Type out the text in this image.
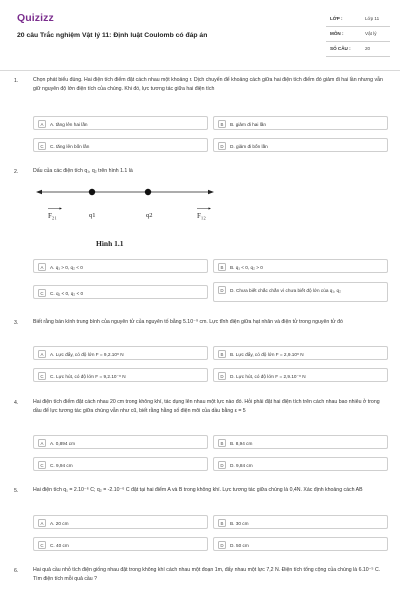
Quizizz
20 câu Trắc nghiệm Vật lý 11: Định luật Coulomb có đáp án
LỚP :	Lớp 11
MÔN :	Vật lý
SỐ CÂU :	20
1.	Chọn phát biểu đúng. Hai điện tích điểm đặt cách nhau một khoảng r. Dịch chuyển để khoảng cách giữa hai điện tích điểm đó giảm đi hai lần nhưng vẫn giữ nguyên độ lớn điện tích của chúng. Khi đó, lực tương tác giữa hai điện tích
A	A. tăng lên hai lần	B	B. giảm đi hai lần
C	C. tăng lên bốn lần	D	D. giảm đi bốn lần
2.	Dấu của các điện tích q₁, q₂ trên hình 1.1 là
F₂₁	q1	q2	F₁₂
Hình 1.1
A	A. q₁ > 0, q₂ < 0	B	B. q₁ < 0, q₂ > 0
C	C. q₁ < 0, q₂ < 0	D	D. Chưa biết chắc chắn vì chưa biết độ lớn của q₁, q₂
3.	Biết rằng bán kính trung bình của nguyên tử của nguyên tố bằng 5.10⁻⁹ cm. Lực tĩnh điện giữa hạt nhân và điện tử trong nguyên tử đó
A	A. Lực đẩy, có độ lớn F = 9,2.10⁸ N	B	B. Lực đẩy, có độ lớn F = 2,9.10⁸ N
C	C. Lực hút, có độ lớn F = 9,2.10⁻⁸ N	D	D. Lực hút, có độ lớn F = 2,9.10⁻⁸ N
4.	Hai điện tích điểm đặt cách nhau 20 cm trong không khí, tác dụng lên nhau một lực nào đó. Hỏi phải đặt hai điện tích trên cách nhau bao nhiêu ở trong dầu để lực tương tác giữa chúng vẫn như cũ, biết rằng hằng số điện môi của dầu bằng ε = 5
A	A. 0,894 cm	B	B. 8,94 cm
C	C. 9,94 cm	D	D. 9,84 cm
5.	Hai điện tích q₁ = 2.10⁻⁶ C; q₂ = -2.10⁻⁶ C đặt tại hai điểm A và B trong không khí. Lực tương tác giữa chúng là 0,4N. Xác định khoảng cách AB
A	A. 20 cm	B	B. 30 cm
C	C. 40 cm	D	D. 50 cm
6.	Hai quả cầu nhỏ tích điện giống nhau đặt trong không khí cách nhau một đoạn 1m, đẩy nhau một lực 7,2 N. Điện tích tổng cộng của chúng là 6.10⁻⁵ C. Tìm điện tích mỗi quả cầu ?
